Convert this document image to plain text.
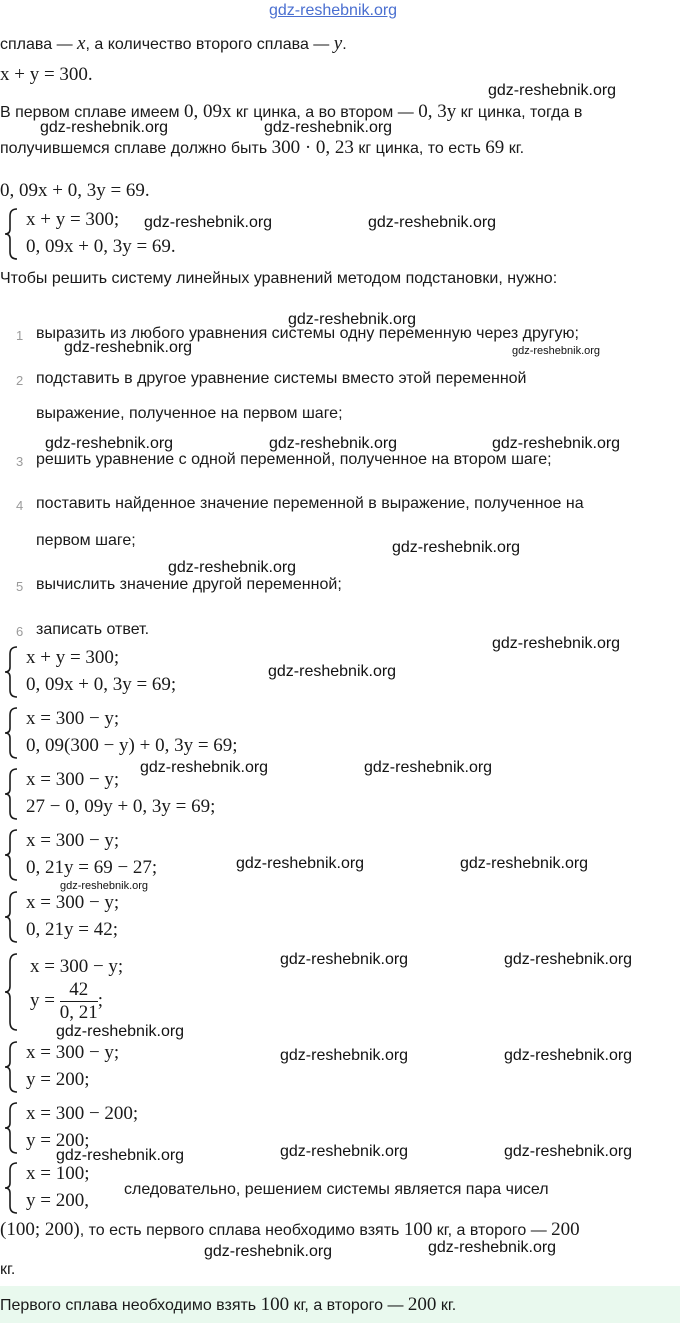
gdz-reshebnik.org
сплава — x, а количество второго сплава — y.
x + y = 300.
gdz-reshebnik.org
В первом сплаве имеем 0, 09x кг цинка, а во втором — 0, 3y кг цинка, тогда в
gdz-reshebnik.org	gdz-reshebnik.org
получившемся сплаве должно быть 300 · 0, 23 кг цинка, то есть 69 кг.
0, 09x + 0, 3y = 69.
x + y = 300;
0, 09x + 0, 3y = 69.
gdz-reshebnik.org	gdz-reshebnik.org
Чтобы решить систему линейных уравнений методом подстановки, нужно:
gdz-reshebnik.org
1 выразить из любого уравнения системы одну переменную через другую;
gdz-reshebnik.org	gdz-reshebnik.org
2 подставить в другое уравнение системы вместо этой переменной
выражение, полученное на первом шаге;
gdz-reshebnik.org	gdz-reshebnik.org	gdz-reshebnik.org
3 решить уравнение с одной переменной, полученное на втором шаге;
4 поставить найденное значение переменной в выражение, полученное на
первом шаге;	gdz-reshebnik.org
gdz-reshebnik.org
5 вычислить значение другой переменной;
6 записать ответ.
gdz-reshebnik.org
x + y = 300;
0, 09x + 0, 3y = 69;
gdz-reshebnik.org
x = 300 − y;
0, 09(300 − y) + 0, 3y = 69;
x = 300 − y;
27 − 0, 09y + 0, 3y = 69;
gdz-reshebnik.org	gdz-reshebnik.org
x = 300 − y;
0, 21y = 69 − 27;	gdz-reshebnik.org	gdz-reshebnik.org
gdz-reshebnik.org
x = 300 − y;
0, 21y = 42;
x = 300 − y;
$y = \frac{42}{0, 21}$ ;
gdz-reshebnik.org	gdz-reshebnik.org
gdz-reshebnik.org
x = 300 − y;
y = 200;
gdz-reshebnik.org	gdz-reshebnik.org
x = 300 − 200;
y = 200;
gdz-reshebnik.org	gdz-reshebnik.org	gdz-reshebnik.org
x = 100;
y = 200,
следовательно, решением системы является пара чисел
(100; 200), то есть первого сплава необходимо взять 100 кг, а второго — 200
gdz-reshebnik.org	gdz-reshebnik.org
кг.
Первого сплава необходимо взять 100 кг, а второго — 200 кг.
